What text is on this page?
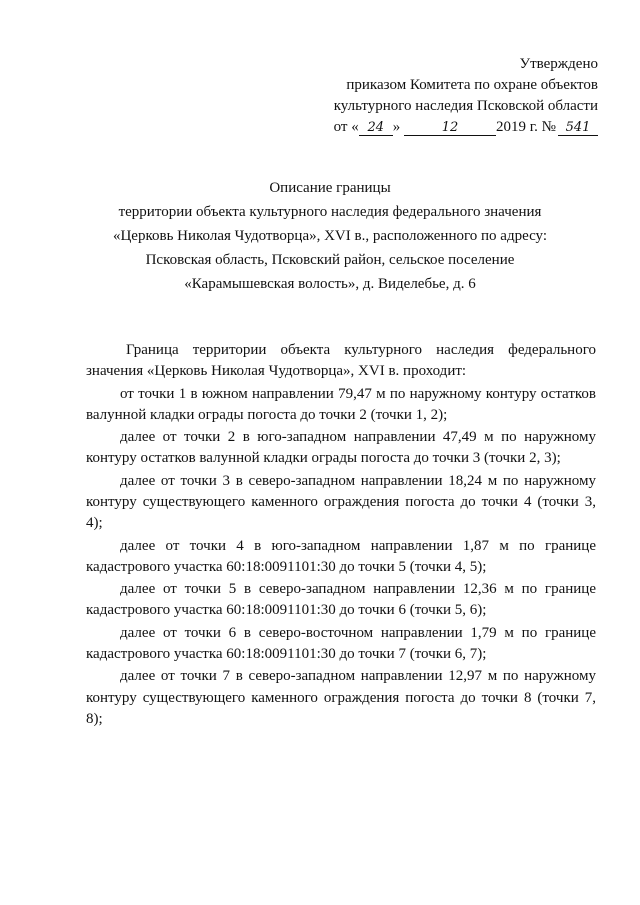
Утверждено
приказом Комитета по охране объектов
культурного наследия Псковской области
от « 24 »	12	2019 г. № 541
Описание границы
территории объекта культурного наследия федерального значения
«Церковь Николая Чудотворца», XVI в., расположенного по адресу:
Псковская область, Псковский район, сельское поселение
«Карамышевская волость», д. Виделебье, д. 6

Граница территории объекта культурного наследия федерального значения «Церковь Николая Чудотворца», XVI в. проходит:

от точки 1 в южном направлении 79,47 м по наружному контуру остатков валунной кладки ограды погоста до точки 2 (точки 1, 2);

далее от точки 2 в юго-западном направлении 47,49 м по наружному контуру остатков валунной кладки ограды погоста до точки 3 (точки 2, 3);

далее от точки 3 в северо-западном направлении 18,24 м по наружному контуру существующего каменного ограждения погоста до точки 4 (точки 3, 4);

далее от точки 4 в юго-западном направлении 1,87 м по границе кадастрового участка 60:18:0091101:30 до точки 5 (точки 4, 5);

далее от точки 5 в северо-западном направлении 12,36 м по границе кадастрового участка 60:18:0091101:30 до точки 6 (точки 5, 6);

далее от точки 6 в северо-восточном направлении 1,79 м по границе кадастрового участка 60:18:0091101:30 до точки 7 (точки 6, 7);

далее от точки 7 в северо-западном направлении 12,97 м по наружному контуру существующего каменного ограждения погоста до точки 8 (точки 7, 8);
